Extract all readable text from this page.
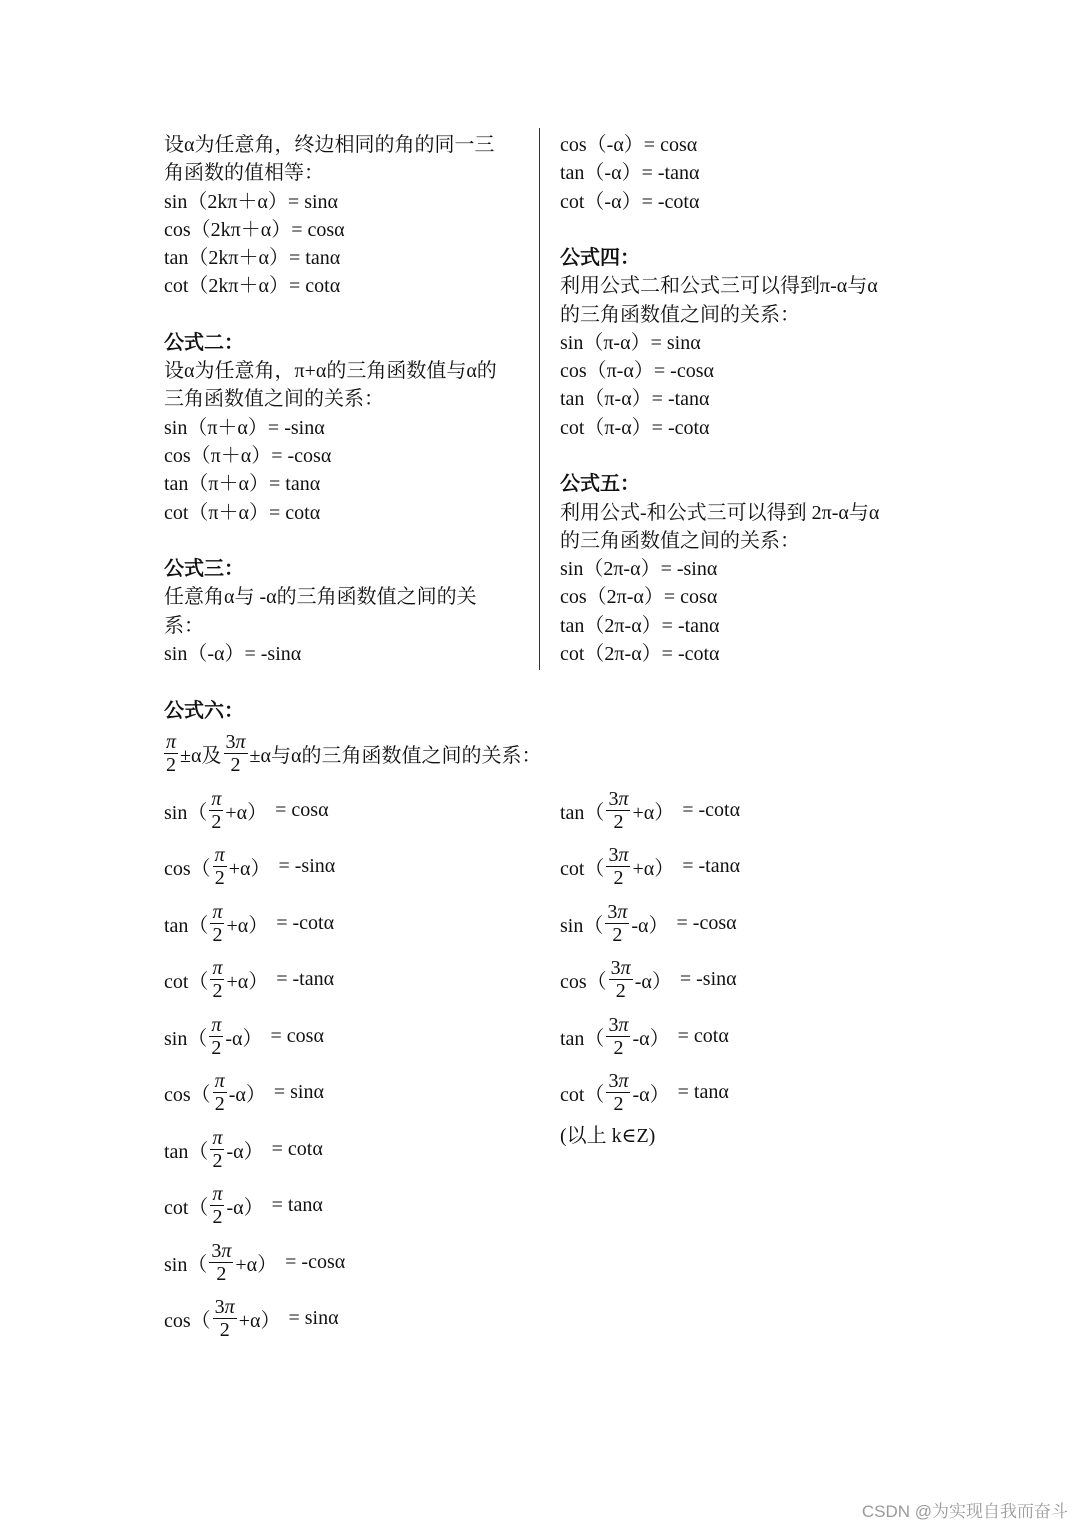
设α为任意角，终边相同的角的同一三
角函数的值相等：
sin（2kπ＋α）= sinα
cos（2kπ＋α）= cosα
tan（2kπ＋α）= tanα
cot（2kπ＋α）= cotα
公式二：
设α为任意角，π+α的三角函数值与α的
三角函数值之间的关系：
sin（π＋α）= -sinα
cos（π＋α）= -cosα
tan（π＋α）= tanα
cot（π＋α）= cotα
公式三：
任意角α与 -α的三角函数值之间的关
系：
sin（-α）= -sinα
cos（-α）= cosα
tan（-α）= -tanα
cot（-α）= -cotα
公式四：
利用公式二和公式三可以得到π-α与α
的三角函数值之间的关系：
sin（π-α）= sinα
cos（π-α）= -cosα
tan（π-α）= -tanα
cot（π-α）= -cotα
公式五：
利用公式-和公式三可以得到 2π-α与α
的三角函数值之间的关系：
sin（2π-α）= -sinα
cos（2π-α）= cosα
tan（2π-α）= -tanα
cot（2π-α）= -cotα
公式六：
$\frac{\pi}{2} \pm\alpha$及 $\frac{3\pi}{2} \pm\alpha$与α的三角函数值之间的关系：
$\sin( \frac{\pi}{2} +\alpha) = \cos\alpha$
$\cos( \frac{\pi}{2} +\alpha) = -\sin\alpha$
$\tan( \frac{\pi}{2} +\alpha) = -\cot\alpha$
$\cot( \frac{\pi}{2} +\alpha) = -\tan\alpha$
$\sin( \frac{\pi}{2} -\alpha) = \cos\alpha$
$\cos( \frac{\pi}{2} -\alpha) = \sin\alpha$
$\tan( \frac{\pi}{2} -\alpha) = \cot\alpha$
$\cot( \frac{\pi}{2} -\alpha) = \tan\alpha$
$\sin( \frac{3\pi}{2} +\alpha) = -\cos\alpha$
$\cos( \frac{3\pi}{2} +\alpha) = \sin\alpha$
$\tan( \frac{3\pi}{2} +\alpha) = -\cot\alpha$
$\cot( \frac{3\pi}{2} +\alpha) = -\tan\alpha$
$\sin( \frac{3\pi}{2} -\alpha) = -\cos\alpha$
$\cos( \frac{3\pi}{2} -\alpha) = -\sin\alpha$
$\tan( \frac{3\pi}{2} -\alpha) = \cot\alpha$
$\cot( \frac{3\pi}{2} -\alpha) = \tan\alpha$
(以上 k∈Z)
CSDN @为实现自我而奋斗
